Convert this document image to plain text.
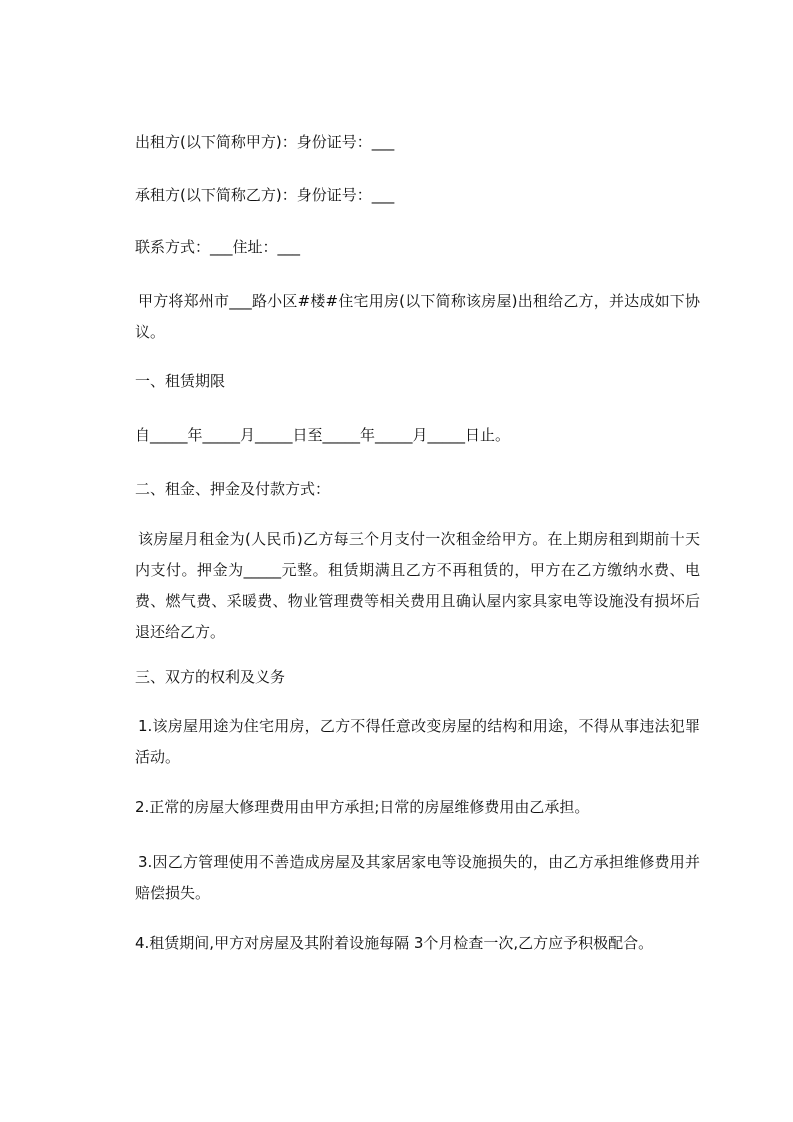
出租方(以下简称甲方)：身份证号：___
承租方(以下简称乙方)：身份证号：___
联系方式：___住址：___
甲方将郑州市___路小区#楼#住宅用房(以下简称该房屋)出租给乙方，并达成如下协议。
一、租赁期限
自_____年_____月_____日至_____年_____月_____日止。
二、租金、押金及付款方式：
该房屋月租金为(人民币)乙方每三个月支付一次租金给甲方。在上期房租到期前十天内支付。押金为_____元整。租赁期满且乙方不再租赁的，甲方在乙方缴纳水费、电费、燃气费、采暖费、物业管理费等相关费用且确认屋内家具家电等设施没有损坏后退还给乙方。
三、双方的权利及义务
1.该房屋用途为住宅用房，乙方不得任意改变房屋的结构和用途，不得从事违法犯罪活动。
2.正常的房屋大修理费用由甲方承担;日常的房屋维修费用由乙承担。
3.因乙方管理使用不善造成房屋及其家居家电等设施损失的，由乙方承担维修费用并赔偿损失。
4.租赁期间,甲方对房屋及其附着设施每隔 3个月检查一次,乙方应予积极配合。
